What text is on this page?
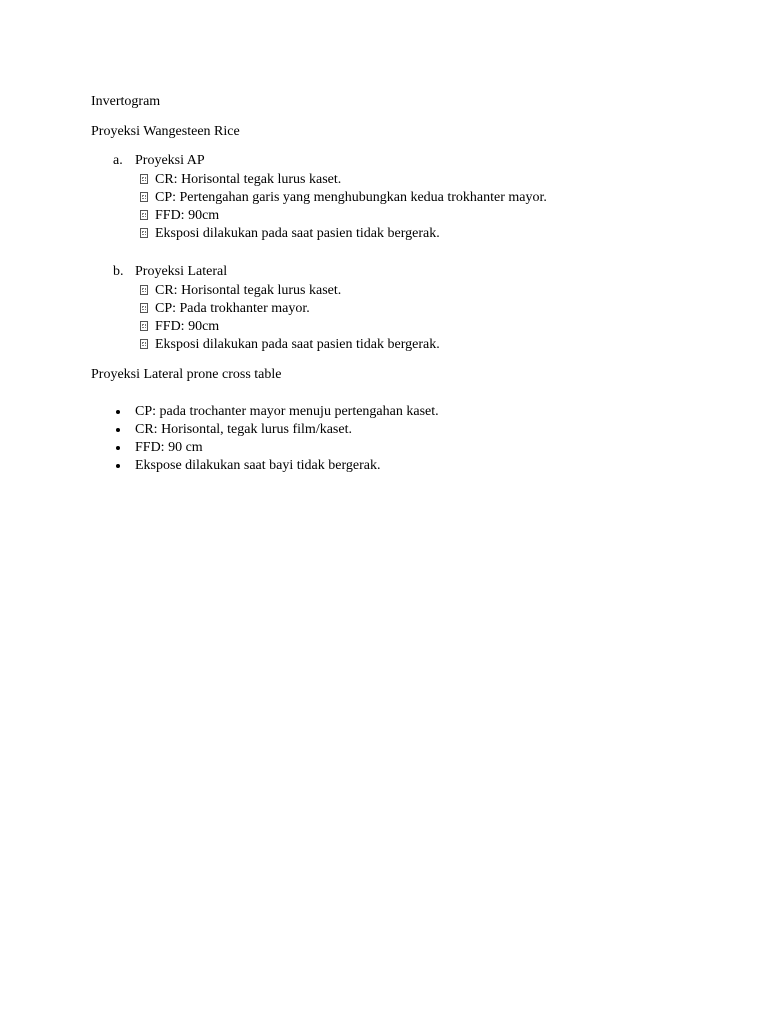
Invertogram
Proyeksi Wangesteen Rice
a. Proyeksi AP
CR: Horisontal tegak lurus kaset.
CP: Pertengahan garis yang menghubungkan kedua trokhanter mayor.
FFD: 90cm
Eksposi dilakukan pada saat pasien tidak bergerak.
b. Proyeksi Lateral
CR: Horisontal tegak lurus kaset.
CP: Pada trokhanter mayor.
FFD: 90cm
Eksposi dilakukan pada saat pasien tidak bergerak.
Proyeksi Lateral prone cross table
CP: pada trochanter mayor menuju pertengahan kaset.
CR: Horisontal, tegak lurus film/kaset.
FFD: 90 cm
Ekspose dilakukan saat bayi tidak bergerak.
